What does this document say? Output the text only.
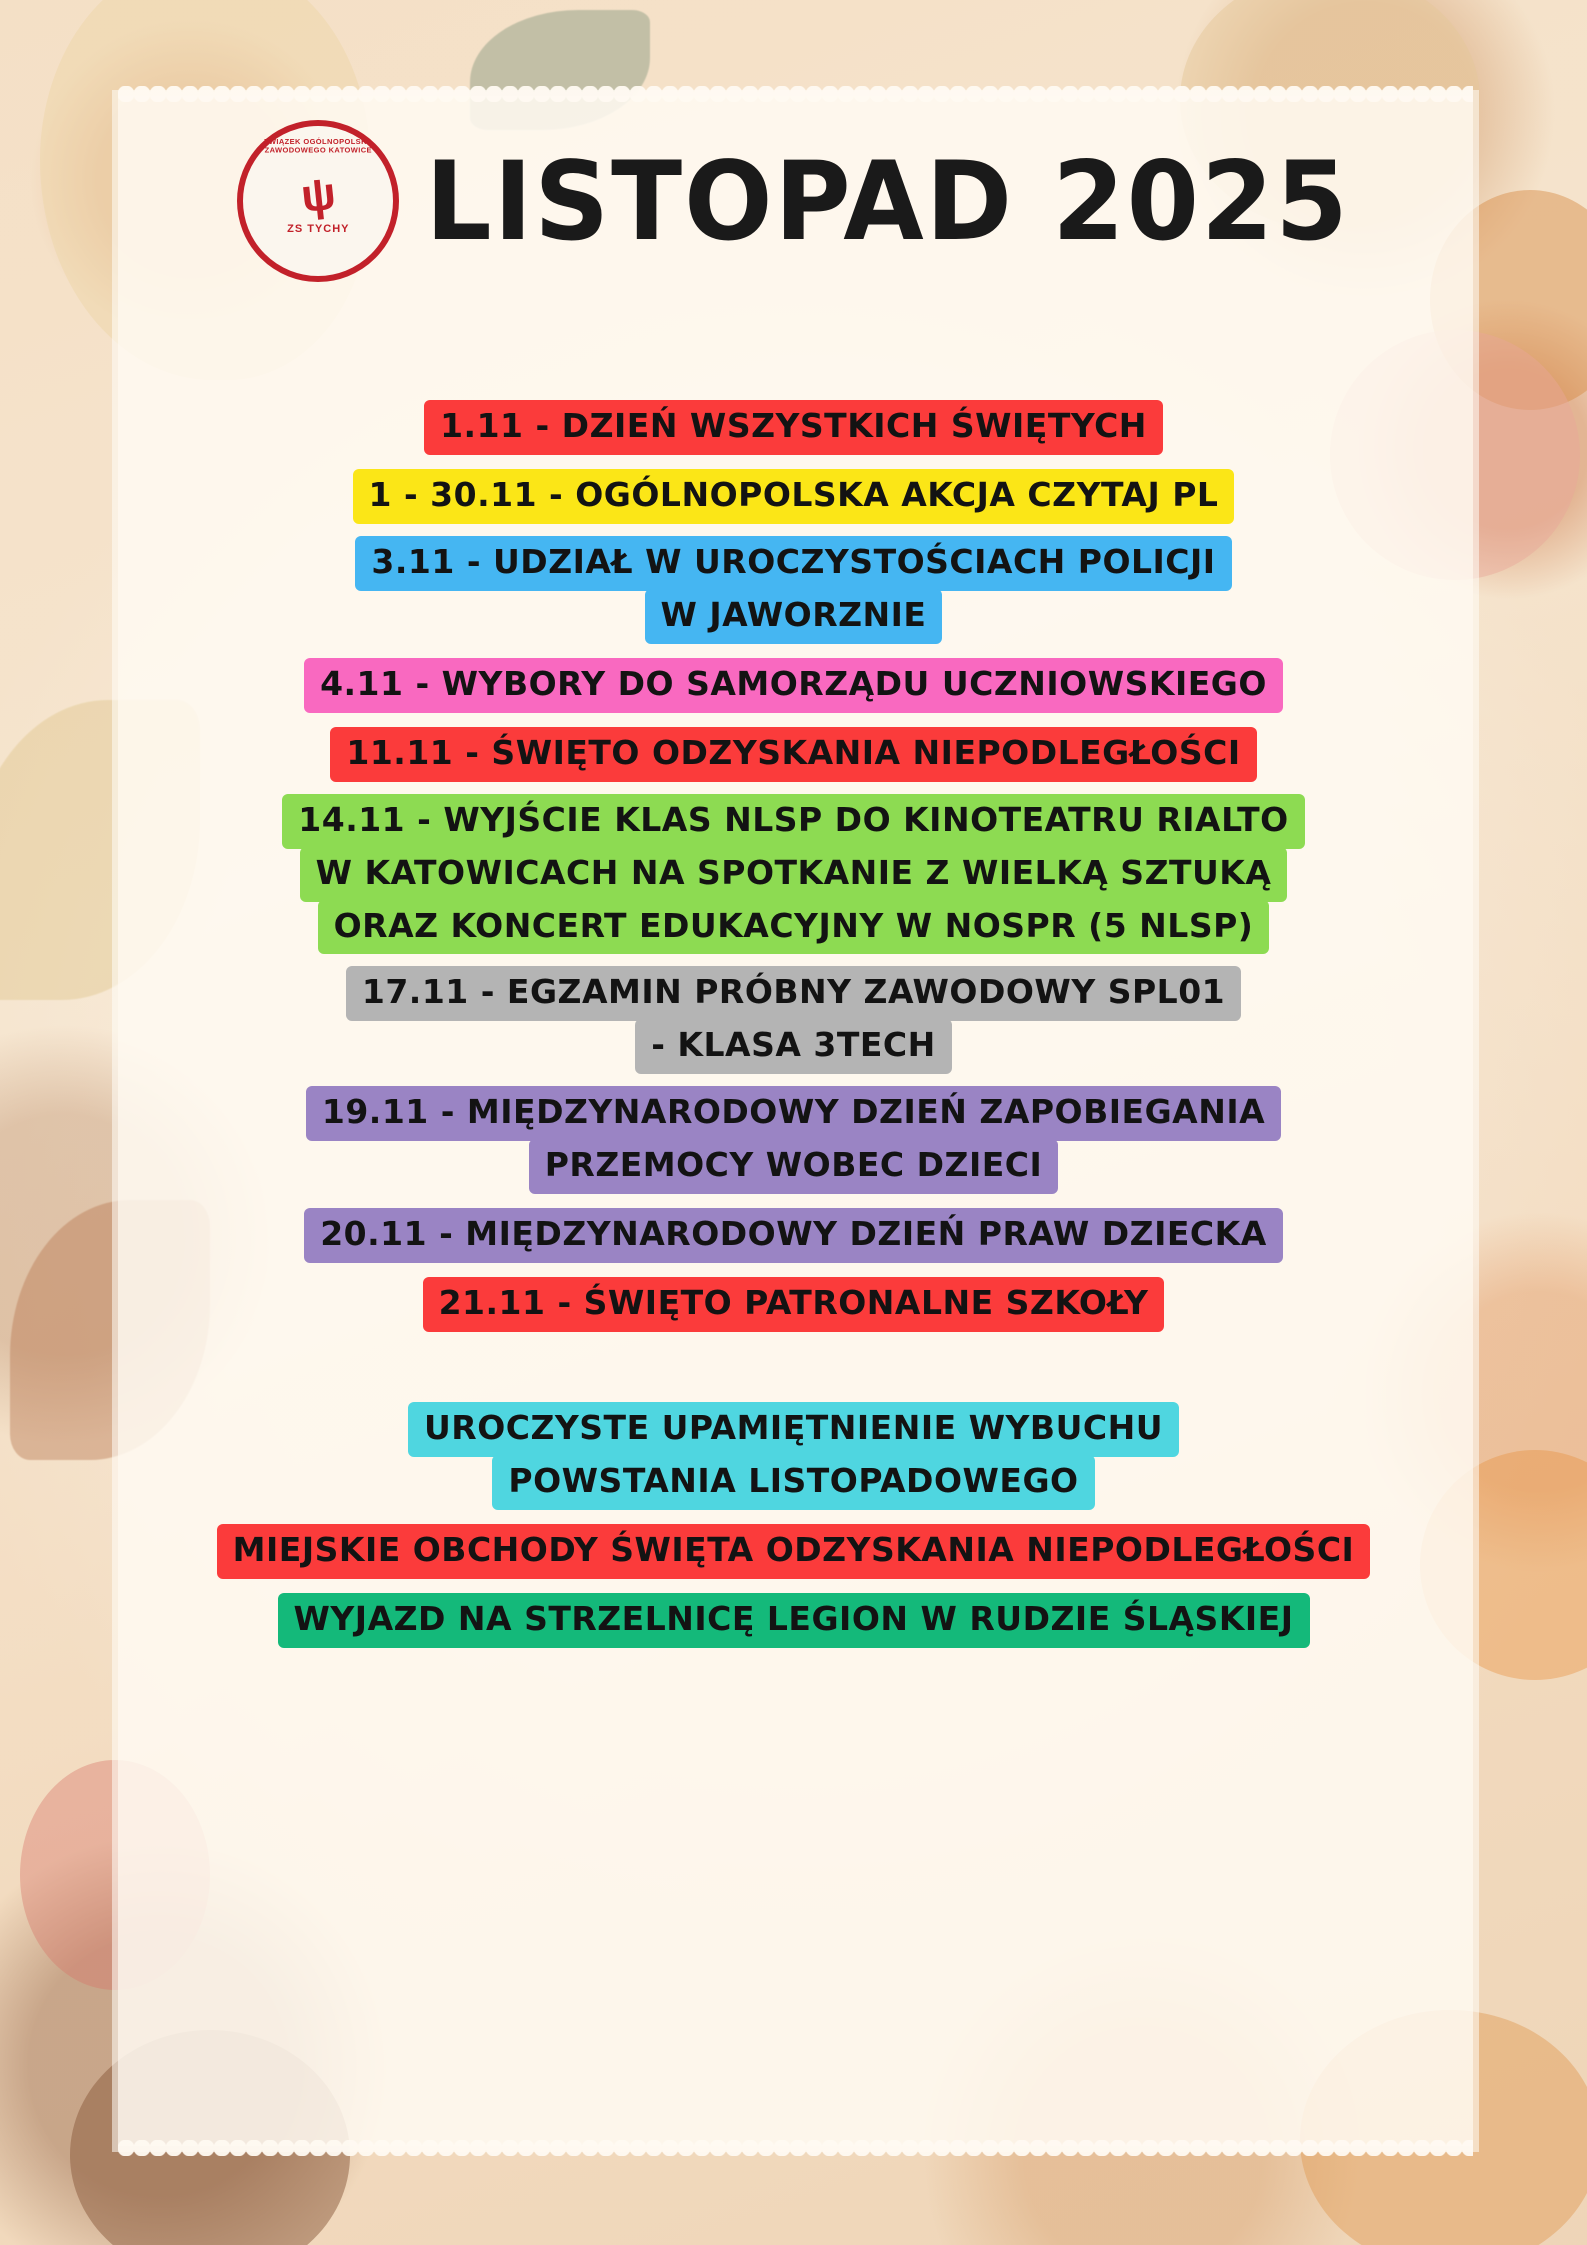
ZWIĄZEK OGÓLNOPOLSKA ZAWODOWEGO KATOWICE
ψ
ZS TYCHY LISTOPAD 2025
1.11 - DZIEŃ WSZYSTKICH ŚWIĘTYCH
1 - 30.11 - OGÓLNOPOLSKA AKCJA CZYTAJ PL
3.11 - UDZIAŁ W UROCZYSTOŚCIACH POLICJI
W JAWORZNIE
4.11 - WYBORY DO SAMORZĄDU UCZNIOWSKIEGO
11.11 - ŚWIĘTO ODZYSKANIA NIEPODLEGŁOŚCI
14.11 - WYJŚCIE KLAS NLSP DO KINOTEATRU RIALTO
W KATOWICACH NA SPOTKANIE Z WIELKĄ SZTUKĄ
ORAZ KONCERT EDUKACYJNY W NOSPR (5 NLSP)
17.11 - EGZAMIN PRÓBNY ZAWODOWY SPL01
- KLASA 3TECH
19.11 - MIĘDZYNARODOWY DZIEŃ ZAPOBIEGANIA
PRZEMOCY WOBEC DZIECI
20.11 - MIĘDZYNARODOWY DZIEŃ PRAW DZIECKA
21.11 - ŚWIĘTO PATRONALNE SZKOŁY
UROCZYSTE UPAMIĘTNIENIE WYBUCHU
POWSTANIA LISTOPADOWEGO
MIEJSKIE OBCHODY ŚWIĘTA ODZYSKANIA NIEPODLEGŁOŚCI
WYJAZD NA STRZELNICĘ LEGION W RUDZIE ŚLĄSKIEJ
